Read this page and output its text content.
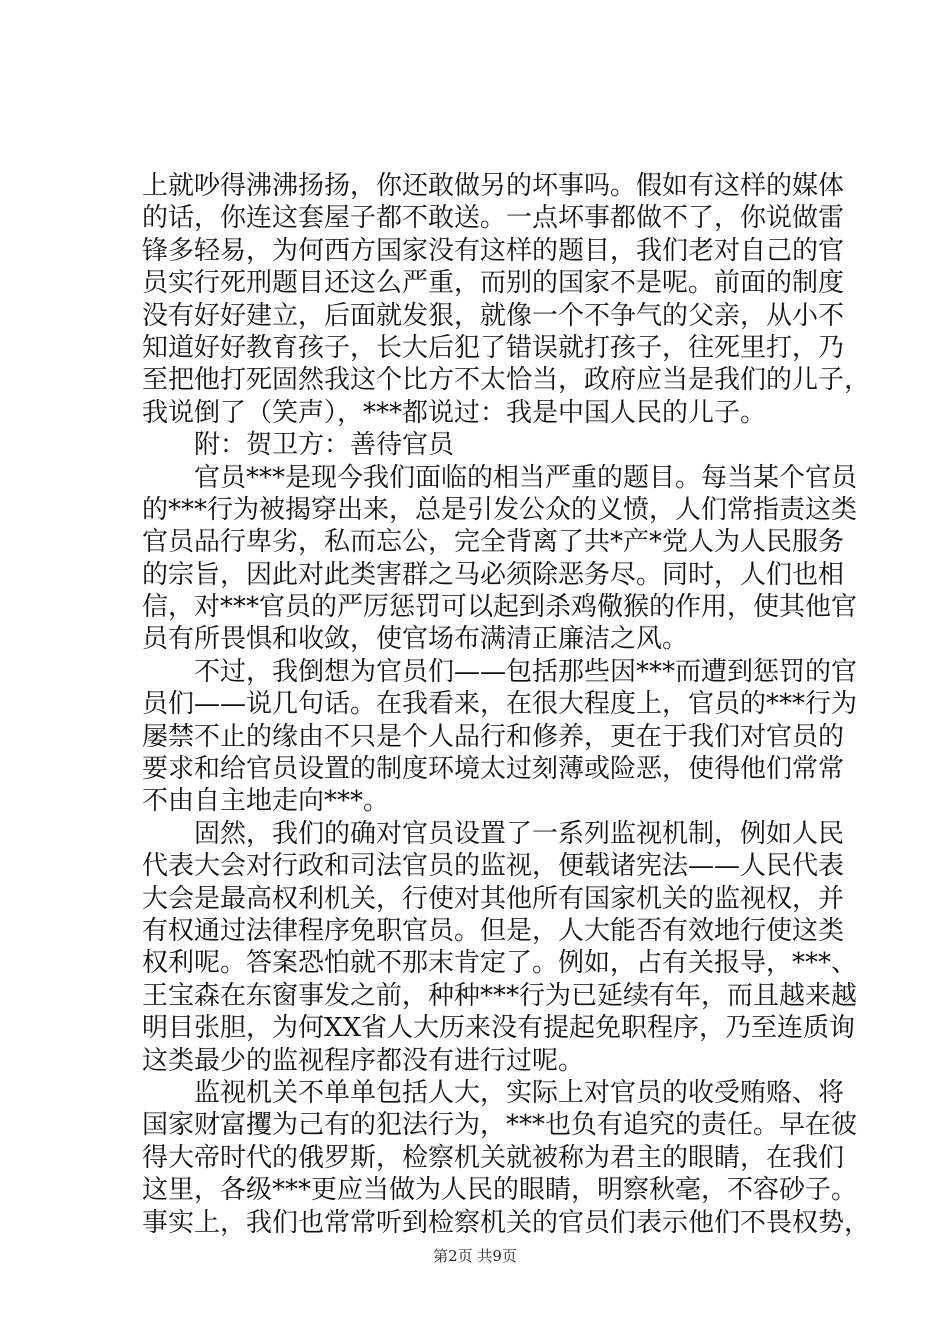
上就吵得沸沸扬扬，你还敢做另的坏事吗。假如有这样的媒体
的话，你连这套屋子都不敢送。一点坏事都做不了，你说做雷
锋多轻易，为何西方国家没有这样的题目，我们老对自己的官
员实行死刑题目还这么严重，而别的国家不是呢。前面的制度
没有好好建立，后面就发狠，就像一个不争气的父亲，从小不
知道好好教育孩子，长大后犯了错误就打孩子，往死里打，乃
至把他打死固然我这个比方不太恰当，政府应当是我们的儿子，
我说倒了（笑声），***都说过：我是中国人民的儿子。
附：贺卫方：善待官员
官员***是现今我们面临的相当严重的题目。每当某个官员
的***行为被揭穿出来，总是引发公众的义愤，人们常指责这类
官员品行卑劣，私而忘公，完全背离了共*产*党人为人民服务
的宗旨，因此对此类害群之马必须除恶务尽。同时，人们也相
信，对***官员的严厉惩罚可以起到杀鸡儆猴的作用，使其他官
员有所畏惧和收敛，使官场布满清正廉洁之风。
不过，我倒想为官员们——包括那些因***而遭到惩罚的官
员们——说几句话。在我看来，在很大程度上，官员的***行为
屡禁不止的缘由不只是个人品行和修养，更在于我们对官员的
要求和给官员设置的制度环境太过刻薄或险恶，使得他们常常
不由自主地走向***。
固然，我们的确对官员设置了一系列监视机制，例如人民
代表大会对行政和司法官员的监视，便载诸宪法——人民代表
大会是最高权利机关，行使对其他所有国家机关的监视权，并
有权通过法律程序免职官员。但是，人大能否有效地行使这类
权利呢。答案恐怕就不那末肯定了。例如，占有关报导，***、
王宝森在东窗事发之前，种种***行为已延续有年，而且越来越
明目张胆，为何XX省人大历来没有提起免职程序，乃至连质询
这类最少的监视程序都没有进行过呢。
监视机关不单单包括人大，实际上对官员的收受贿赂、将
国家财富攫为己有的犯法行为，***也负有追究的责任。早在彼
得大帝时代的俄罗斯，检察机关就被称为君主的眼睛，在我们
这里，各级***更应当做为人民的眼睛，明察秋毫，不容砂子。
事实上，我们也常常听到检察机关的官员们表示他们不畏权势，
第2页 共9页
